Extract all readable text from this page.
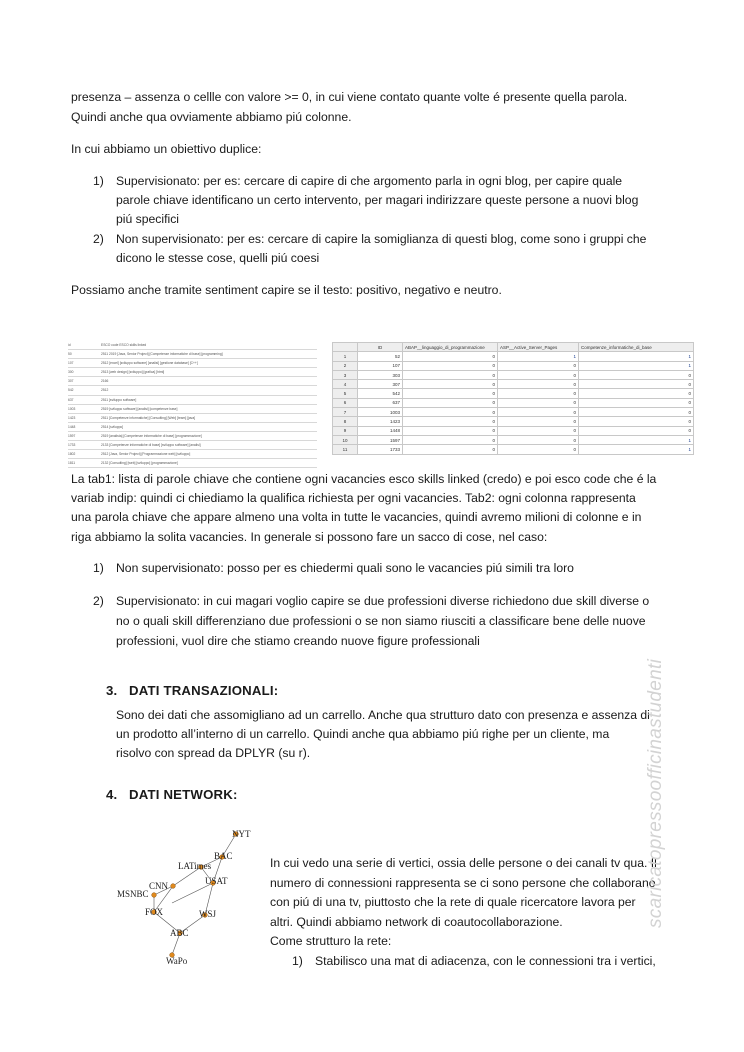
presenza – assenza o cellle con valore >= 0, in cui viene contato quante volte é presente quella parola.

Quindi anche qua ovviamente abbiamo piú colonne.

In cui abbiamo un obiettivo duplice:

1) Supervisionato: per es: cercare di capire di che argomento parla in ogni blog, per capire quale
parole chiave identificano un certo intervento, per magari indirizzare queste persone a nuovi blog
piú specifici
2) Non supervisionato: per es: cercare di capire la somiglianza di questi blog, come sono i gruppi che
dicono le stesse cose, quelli piú coesi

Possiamo anche tramite sentiment capire se il testo: positivo, negativo e neutro.

id	ESCO code ESCO skills linked
50	2511 2019 [Java, Senior Project] [Competenze informatiche di base] [programming]
107	2512 [excel] [sviluppo software] [analisi] [gestione database] [C++]
300	2513 [web design] [sviluppo] [grafica] [html]
307	2166
542	2512
637	2511 [sviluppo software]
1003	2519 [sviluppo software] [analisi] [competenze base]
1423	2511 [Competenze informatiche] [Consulting] [Web] [team] [java]
1448	2514 [sviluppo]
1597	2519 [analista] [Competenze informatiche di base] [programmazione]
1733	2133 [Competenze informatiche di base] [sviluppo software] [analisi]
1802	2512 [Java, Senior Project] [Programmazione web] [sviluppo]
1811	2132 [Consulting] [web] [sviluppo] [programmazione]
	ID	ABAP__linguaggio_di_programmazione	ASP__Active_Server_Pages	Competenze_informatiche_di_base
1	52	0	1	1
2	107	0	0	1
3	303	0	0	0
4	307	0	0	0
5	542	0	0	0
6	637	0	0	0
7	1003	0	0	0
8	1423	0	0	0
9	1448	0	0	0
10	1597	0	0	1
11	1733	0	0	1

La tab1: lista di parole chiave che contiene ogni vacancies esco skills linked (credo) e poi esco code che é la

variab indip: quindi ci chiediamo la qualifica richiesta per ogni vacancies. Tab2: ogni colonna rappresenta

una parola chiave che appare almeno una volta in tutte le vacancies, quindi avremo milioni di colonne e in

riga abbiamo la solita vacancies. In generale si possono fare un sacco di cose, nel caso:

1) Non supervisionato: posso per es chiedermi quali sono le vacancies piú simili tra loro
2) Supervisionato: in cui magari voglio capire se due professioni diverse richiedono due skill diverse o
no o quali skill differenziano due professioni o se non siamo riusciti a classificare bene delle nuove
professioni, vuol dire che stiamo creando nuove figure professionali
3. DATI TRANSAZIONALI:

Sono dei dati che assomigliano ad un carrello. Anche qua strutturo dato con presenza e assenza di

un prodotto all’interno di un carrello. Quindi anche qua abbiamo piú righe per un cliente, ma

risolvo con spread da DPLYR (su r).

4. DATI NETWORK:
NYT
BAC
LATimes
USAT
CNN
MSNBC
FOX	WSJ
ABC
WaPo

In cui vedo una serie di vertici, ossia delle persone o dei canali tv qua. Il

numero di connessioni rappresenta se ci sono persone che collaborano

con piú di una tv, piuttosto che la rete di quale ricercatore lavora per

altri. Quindi abbiamo network di coautocollaborazione.

Come strutturo la rete:

1) Stabilisco una mat di adiacenza, con le connessioni tra i vertici,
scaricatopressoofficinastudenti
